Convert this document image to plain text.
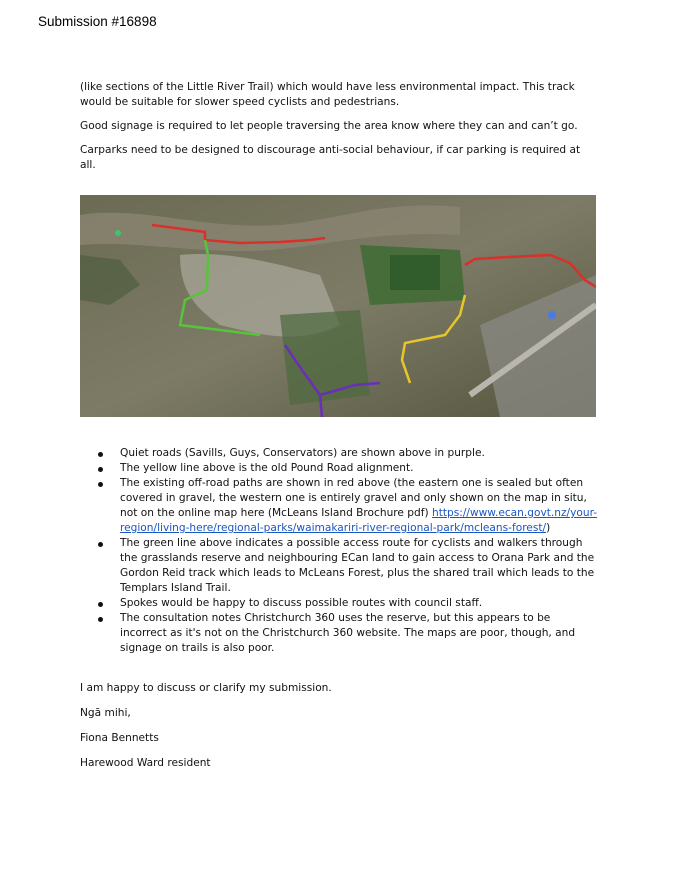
Submission #16898

(like sections of the Little River Trail) which would have less environmental impact. This track would be suitable for slower speed cyclists and pedestrians.

Good signage is required to let people traversing the area know where they can and can’t go.

Carparks need to be designed to discourage anti-social behaviour, if car parking is required at all.

Quiet roads (Savills, Guys, Conservators) are shown above in purple.
The yellow line above is the old Pound Road alignment.
The existing off-road paths are shown in red above (the eastern one is sealed but often covered in gravel, the western one is entirely gravel and only shown on the map in situ, not on the online map here (McLeans Island Brochure pdf) https://www.ecan.govt.nz/your-region/living-here/regional-parks/waimakariri-river-regional-park/mcleans-forest/)
The green line above indicates a possible access route for cyclists and walkers through the grasslands reserve and neighbouring ECan land to gain access to Orana Park and the Gordon Reid track which leads to McLeans Forest, plus the shared trail which leads to the Templars Island Trail.
Spokes would be happy to discuss possible routes with council staff.
The consultation notes Christchurch 360 uses the reserve, but this appears to be incorrect as it's not on the Christchurch 360 website. The maps are poor, though, and signage on trails is also poor.

I am happy to discuss or clarify my submission.

Ngā mihi,

Fiona Bennetts

Harewood Ward resident
